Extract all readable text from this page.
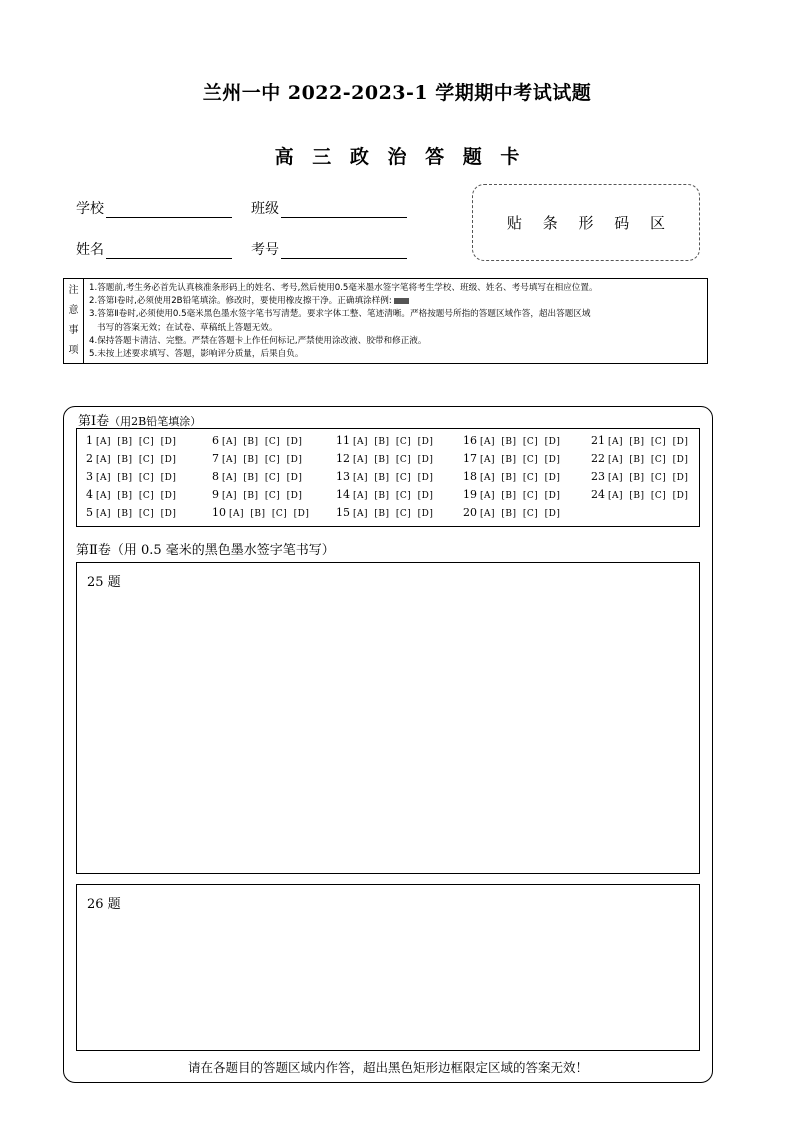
兰州一中 2022-2023-1 学期期中考试试题
高 三 政 治 答 题 卡
学校	班级
姓名	考号
贴 条 形 码 区
注
意
事
项
1.答题前,考生务必首先认真核准条形码上的姓名、考号,然后使用0.5毫米墨水签字笔将考生学校、班级、姓名、考号填写在相应位置。
2.答第Ⅰ卷时,必须使用2B铅笔填涂。修改时，要使用橡皮擦干净。正确填涂样例:
3.答第Ⅱ卷时,必须使用0.5毫米黑色墨水签字笔书写清楚。要求字体工整、笔迹清晰。严格按题号所指的答题区域作答，超出答题区域
书写的答案无效；在试卷、草稿纸上答题无效。
4.保持答题卡清洁、完整。严禁在答题卡上作任何标记,严禁使用涂改液、胶带和修正液。
5.未按上述要求填写、答题，影响评分质量，后果自负。
第Ⅰ卷（用2B铅笔填涂）
1 [A] [B] [C] [D]
2 [A] [B] [C] [D]
3 [A] [B] [C] [D]
4 [A] [B] [C] [D]
5 [A] [B] [C] [D]
6 [A] [B] [C] [D]
7 [A] [B] [C] [D]
8 [A] [B] [C] [D]
9 [A] [B] [C] [D]
10 [A] [B] [C] [D]
11 [A] [B] [C] [D]
12 [A] [B] [C] [D]
13 [A] [B] [C] [D]
14 [A] [B] [C] [D]
15 [A] [B] [C] [D]
16 [A] [B] [C] [D]
17 [A] [B] [C] [D]
18 [A] [B] [C] [D]
19 [A] [B] [C] [D]
20 [A] [B] [C] [D]
21 [A] [B] [C] [D]
22 [A] [B] [C] [D]
23 [A] [B] [C] [D]
24 [A] [B] [C] [D]
第Ⅱ卷（用 0.5 毫米的黑色墨水签字笔书写）
25 题
26 题
请在各题目的答题区域内作答，超出黑色矩形边框限定区域的答案无效！
